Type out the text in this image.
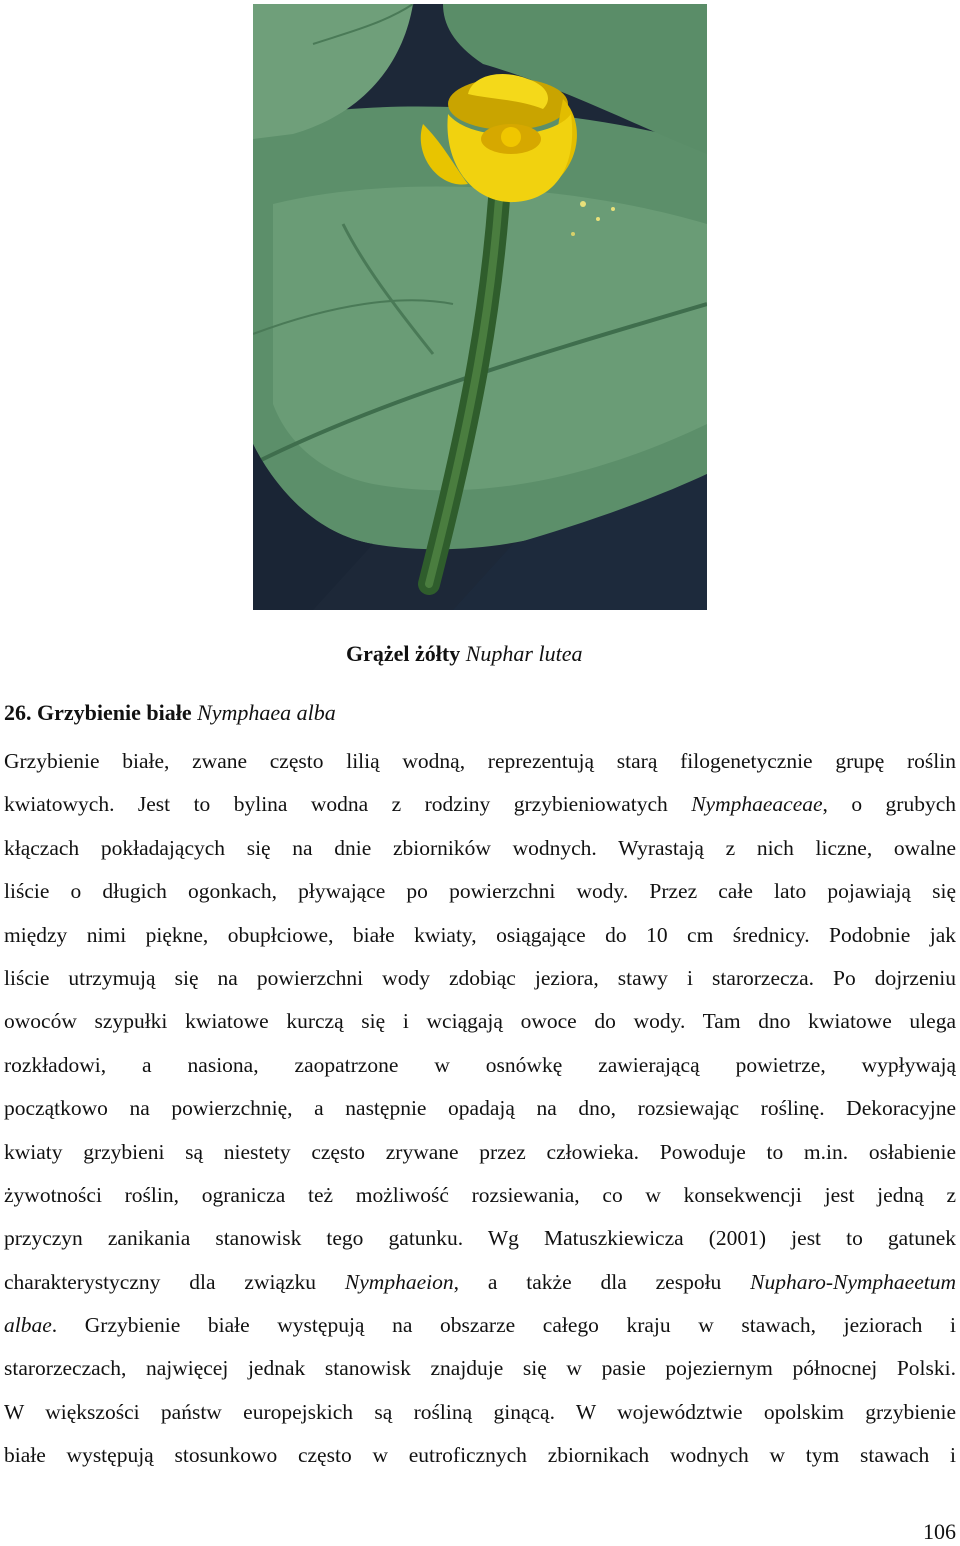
Grążel żółty Nuphar lutea
26. Grzybienie białe Nymphaea alba
Grzybienie białe, zwane często lilią wodną, reprezentują starą filogenetycznie grupę roślin
kwiatowych. Jest to bylina wodna z rodziny grzybieniowatych Nymphaeaceae, o grubych
kłączach pokładających się na dnie zbiorników wodnych. Wyrastają z nich liczne, owalne
liście o długich ogonkach, pływające po powierzchni wody. Przez całe lato pojawiają się
między nimi piękne, obupłciowe, białe kwiaty, osiągające do 10 cm średnicy. Podobnie jak
liście utrzymują się na powierzchni wody zdobiąc jeziora, stawy i starorzecza. Po dojrzeniu
owoców szypułki kwiatowe kurczą się i wciągają owoce do wody. Tam dno kwiatowe ulega
rozkładowi, a nasiona, zaopatrzone w osnówkę zawierającą powietrze, wypływają
początkowo na powierzchnię, a następnie opadają na dno, rozsiewając roślinę. Dekoracyjne
kwiaty grzybieni są niestety często zrywane przez człowieka. Powoduje to m.in. osłabienie
żywotności roślin, ogranicza też możliwość rozsiewania, co w konsekwencji jest jedną z
przyczyn zanikania stanowisk tego gatunku. Wg Matuszkiewicza (2001) jest to gatunek
charakterystyczny dla związku Nymphaeion, a także dla zespołu Nupharo-Nymphaeetum
albae. Grzybienie białe występują na obszarze całego kraju w stawach, jeziorach i
starorzeczach, najwięcej jednak stanowisk znajduje się w pasie pojeziernym północnej Polski.
W większości państw europejskich są rośliną ginącą. W województwie opolskim grzybienie
białe występują stosunkowo często w eutroficznych zbiornikach wodnych w tym stawach i
106
